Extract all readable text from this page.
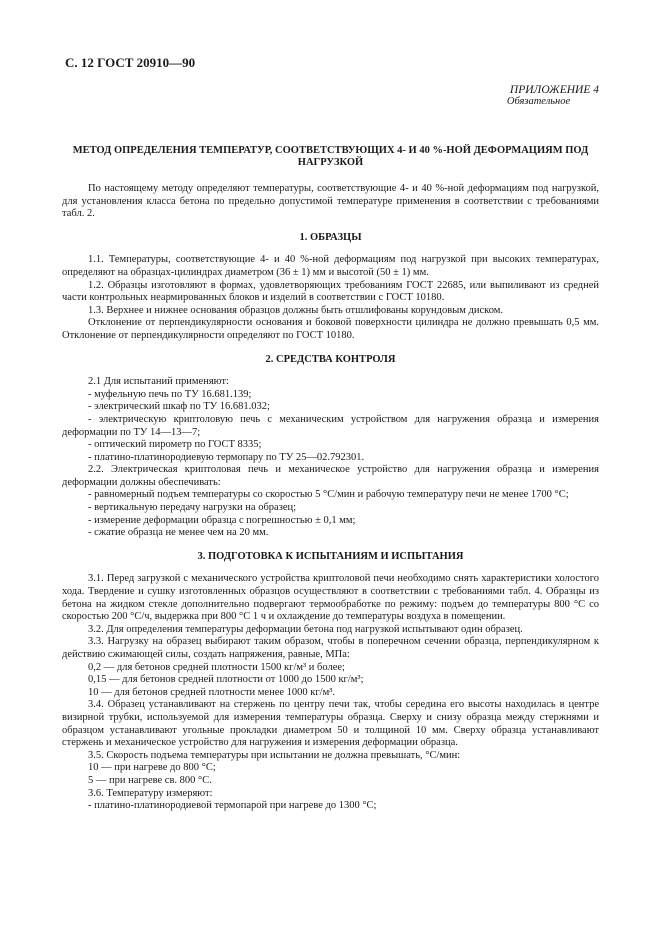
С. 12 ГОСТ 20910—90
ПРИЛОЖЕНИЕ 4
Обязательное
МЕТОД ОПРЕДЕЛЕНИЯ ТЕМПЕРАТУР, СООТВЕТСТВУЮЩИХ 4- И 40 %-НОЙ ДЕФОРМАЦИЯМ ПОД НАГРУЗКОЙ

По настоящему методу определяют температуры, соответствующие 4- и 40 %-ной деформациям под нагрузкой, для установления класса бетона по предельно допустимой температуре применения в соответствии с требованиями табл. 2.

1. ОБРАЗЦЫ

1.1. Температуры, соответствующие 4- и 40 %-ной деформациям под нагрузкой при высоких температурах, определяют на образцах-цилиндрах диаметром (36 ± 1) мм и высотой (50 ± 1) мм.

1.2. Образцы изготовляют в формах, удовлетворяющих требованиям ГОСТ 22685, или выпиливают из средней части контрольных неармированных блоков и изделий в соответствии с ГОСТ 10180.

1.3. Верхнее и нижнее основания образцов должны быть отшлифованы корундовым диском.

Отклонение от перпендикулярности основания и боковой поверхности цилиндра не должно превышать 0,5 мм. Отклонение от перпендикулярности определяют по ГОСТ 10180.

2. СРЕДСТВА КОНТРОЛЯ

2.1 Для испытаний применяют:

- муфельную печь по ТУ 16.681.139;

- электрический шкаф по ТУ 16.681.032;

- электрическую криптоловую печь с механическим устройством для нагружения образца и измерения деформации по ТУ 14—13—7;

- оптический пирометр по ГОСТ 8335;

- платино-платинородиевую термопару по ТУ 25—02.792301.

2.2. Электрическая криптоловая печь и механическое устройство для нагружения образца и измерения деформации должны обеспечивать:

- равномерный подъем температуры со скоростью 5 °С/мин и рабочую температуру печи не менее 1700 °С;

- вертикальную передачу нагрузки на образец;

- измерение деформации образца с погрешностью ± 0,1 мм;

- сжатие образца не менее чем на 20 мм.

3. ПОДГОТОВКА К ИСПЫТАНИЯМ И ИСПЫТАНИЯ

3.1. Перед загрузкой с механического устройства криптоловой печи необходимо снять характеристики холостого хода. Твердение и сушку изготовленных образцов осуществляют в соответствии с требованиями табл. 4. Образцы из бетона на жидком стекле дополнительно подвергают термообработке по режиму: подъем до температуры 800 °С со скоростью 200 °С/ч, выдержка при 800 °С 1 ч и охлаждение до температуры воздуха в помещении.

3.2. Для определения температуры деформации бетона под нагрузкой испытывают один образец.

3.3. Нагрузку на образец выбирают таким образом, чтобы в поперечном сечении образца, перпендикулярном к действию сжимающей силы, создать напряжения, равные, МПа:

0,2 — для бетонов средней плотности 1500 кг/м³ и более;

0,15 — для бетонов средней плотности от 1000 до 1500 кг/м³;

10 — для бетонов средней плотности менее 1000 кг/м³.

3.4. Образец устанавливают на стержень по центру печи так, чтобы середина его высоты находилась в центре визирной трубки, используемой для измерения температуры образца. Сверху и снизу образца между стержнями и образцом устанавливают угольные прокладки диаметром 50 и толщиной 10 мм. Сверху образца устанавливают стержень и механическое устройство для нагружения и измерения деформации образца.

3.5. Скорость подъема температуры при испытании не должна превышать, °С/мин:

10 — при нагреве до 800 °С;

5 — при нагреве св. 800 °С.

3.6. Температуру измеряют:

- платино-платинородиевой термопарой при нагреве до 1300 °С;
